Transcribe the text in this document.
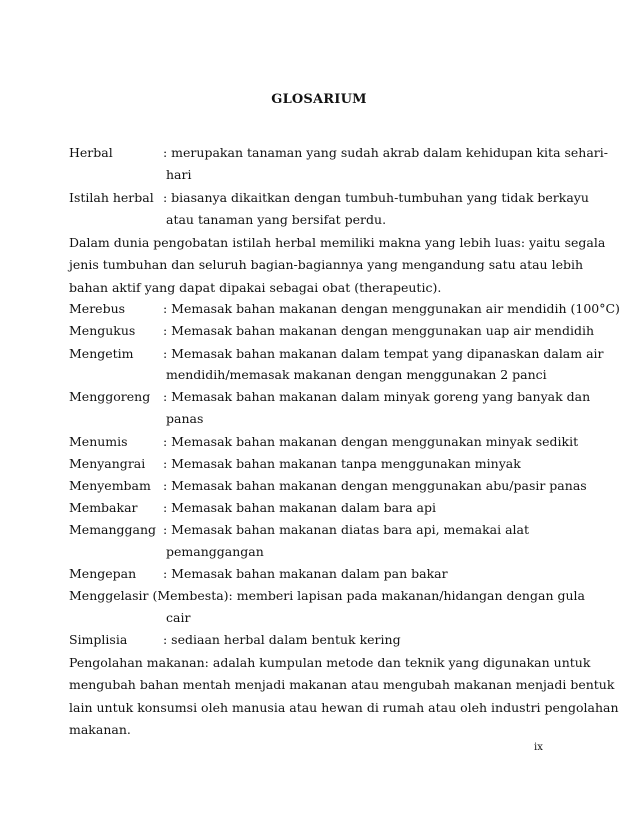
GLOSARIUM
Herbal	: merupakan tanaman yang sudah akrab dalam kehidupan kita sehari-
hari
Istilah herbal : biasanya dikaitkan dengan tumbuh-tumbuhan yang tidak berkayu
atau tanaman yang bersifat perdu.
Dalam dunia pengobatan istilah herbal memiliki makna yang lebih luas: yaitu segala
jenis tumbuhan dan seluruh bagian-bagiannya yang mengandung satu atau lebih
bahan aktif yang dapat dipakai sebagai obat (therapeutic).
Merebus	: Memasak bahan makanan dengan menggunakan air mendidih (100°C)
Mengukus : Memasak bahan makanan dengan menggunakan uap air mendidih
Mengetim : Memasak bahan makanan dalam tempat yang dipanaskan dalam air
mendidih/memasak makanan dengan menggunakan 2 panci
Menggoreng : Memasak bahan makanan dalam minyak goreng yang banyak dan
panas
Menumis	: Memasak bahan makanan dengan menggunakan minyak sedikit
Menyangrai : Memasak bahan makanan tanpa menggunakan minyak
Menyembam : Memasak bahan makanan dengan menggunakan abu/pasir panas
Membakar : Memasak bahan makanan dalam bara api
Memanggang : Memasak bahan makanan diatas bara api, memakai alat
pemanggangan
Mengepan : Memasak bahan makanan dalam pan bakar
Menggelasir (Membesta): memberi lapisan pada makanan/hidangan dengan gula
cair
Simplisia	: sediaan herbal dalam bentuk kering
Pengolahan makanan: adalah kumpulan metode dan teknik yang digunakan untuk
mengubah bahan mentah menjadi makanan atau mengubah makanan menjadi bentuk
lain untuk konsumsi oleh manusia atau hewan di rumah atau oleh industri pengolahan
makanan.
ix
